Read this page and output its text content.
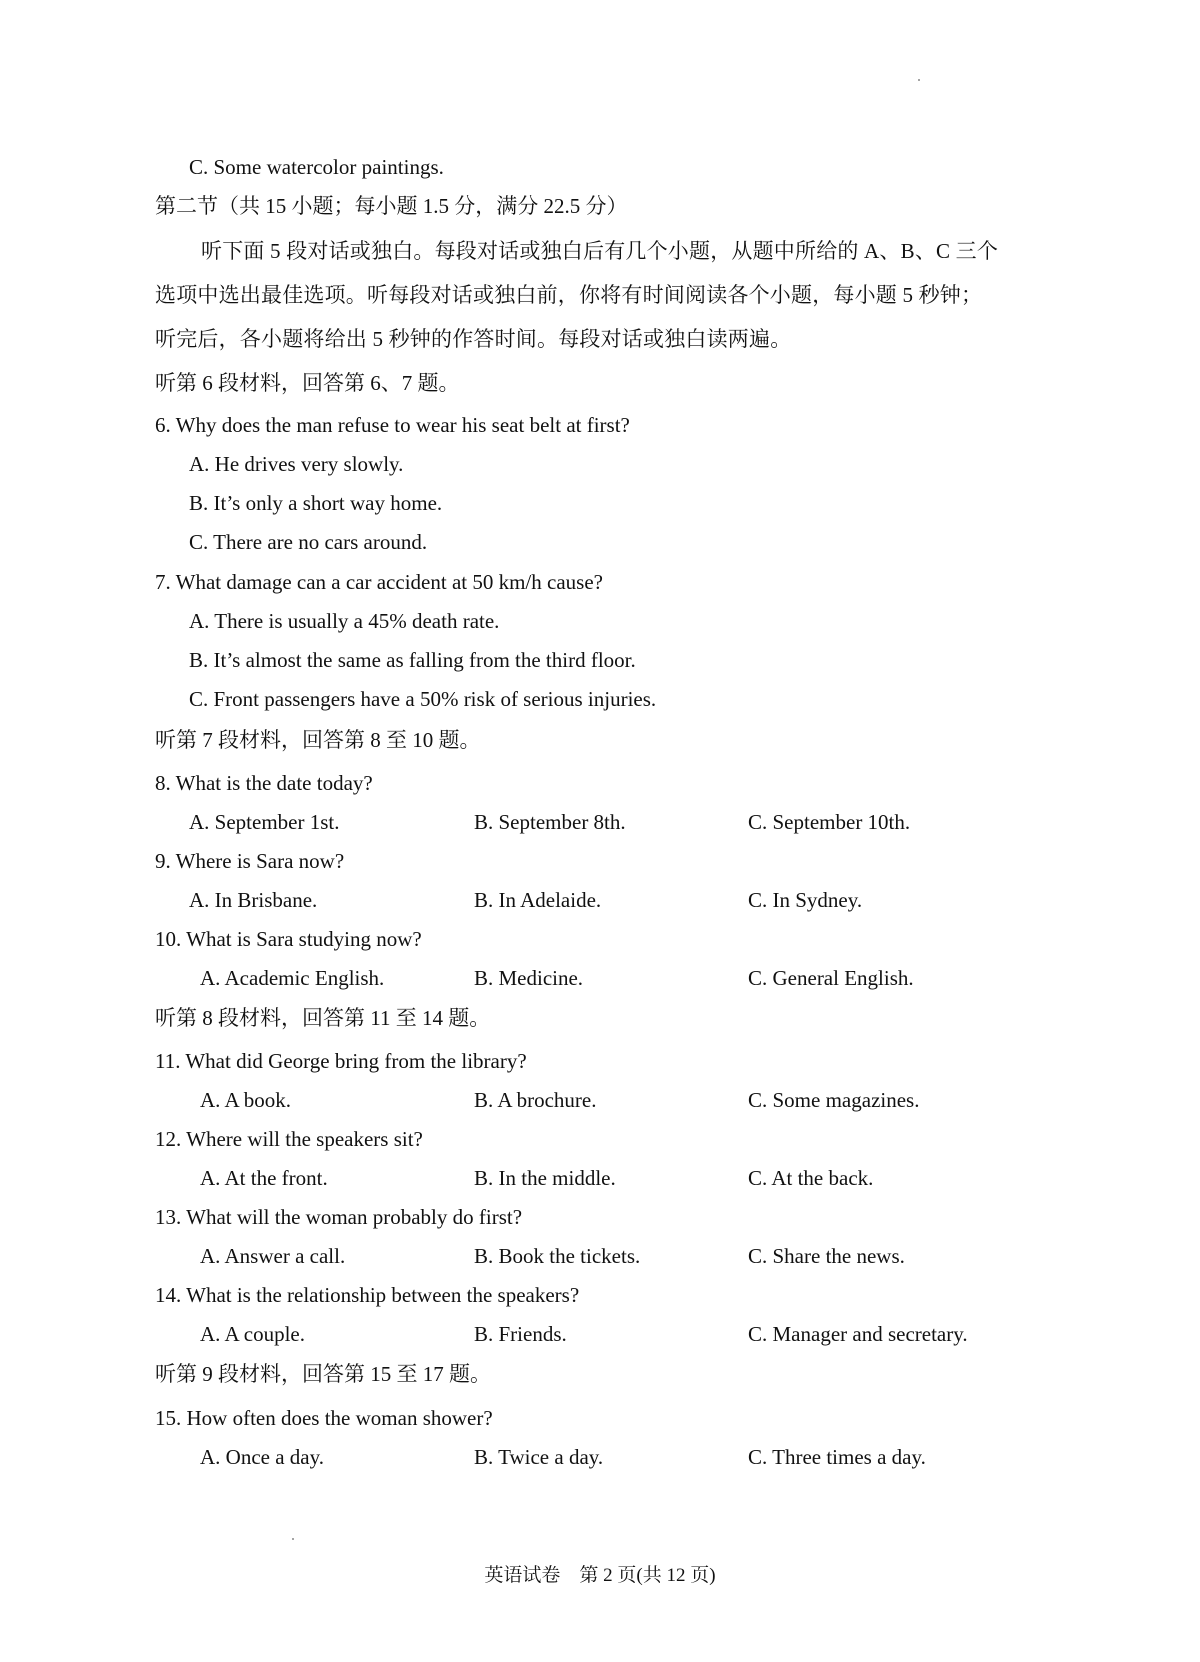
C. Some watercolor paintings.
第二节（共 15 小题；每小题 1.5 分，满分 22.5 分）
听下面 5 段对话或独白。每段对话或独白后有几个小题，从题中所给的 A、B、C 三个
选项中选出最佳选项。听每段对话或独白前，你将有时间阅读各个小题，每小题 5 秒钟；
听完后，各小题将给出 5 秒钟的作答时间。每段对话或独白读两遍。
听第 6 段材料，回答第 6、7 题。
6. Why does the man refuse to wear his seat belt at first?
A. He drives very slowly.
B. It’s only a short way home.
C. There are no cars around.
7. What damage can a car accident at 50 km/h cause?
A. There is usually a 45% death rate.
B. It’s almost the same as falling from the third floor.
C. Front passengers have a 50% risk of serious injuries.
听第 7 段材料，回答第 8 至 10 题。
8. What is the date today?
A. September 1st.	B. September 8th.	C. September 10th.
9. Where is Sara now?
A. In Brisbane.	B. In Adelaide.	C. In Sydney.
10. What is Sara studying now?
A. Academic English.	B. Medicine.	C. General English.
听第 8 段材料，回答第 11 至 14 题。
11. What did George bring from the library?
A. A book.	B. A brochure.	C. Some magazines.
12. Where will the speakers sit?
A. At the front.	B. In the middle.	C. At the back.
13. What will the woman probably do first?
A. Answer a call.	B. Book the tickets.	C. Share the news.
14. What is the relationship between the speakers?
A. A couple.	B. Friends.	C. Manager and secretary.
听第 9 段材料，回答第 15 至 17 题。
15. How often does the woman shower?
A. Once a day.	B. Twice a day.	C. Three times a day.
英语试卷　第 2 页(共 12 页)
